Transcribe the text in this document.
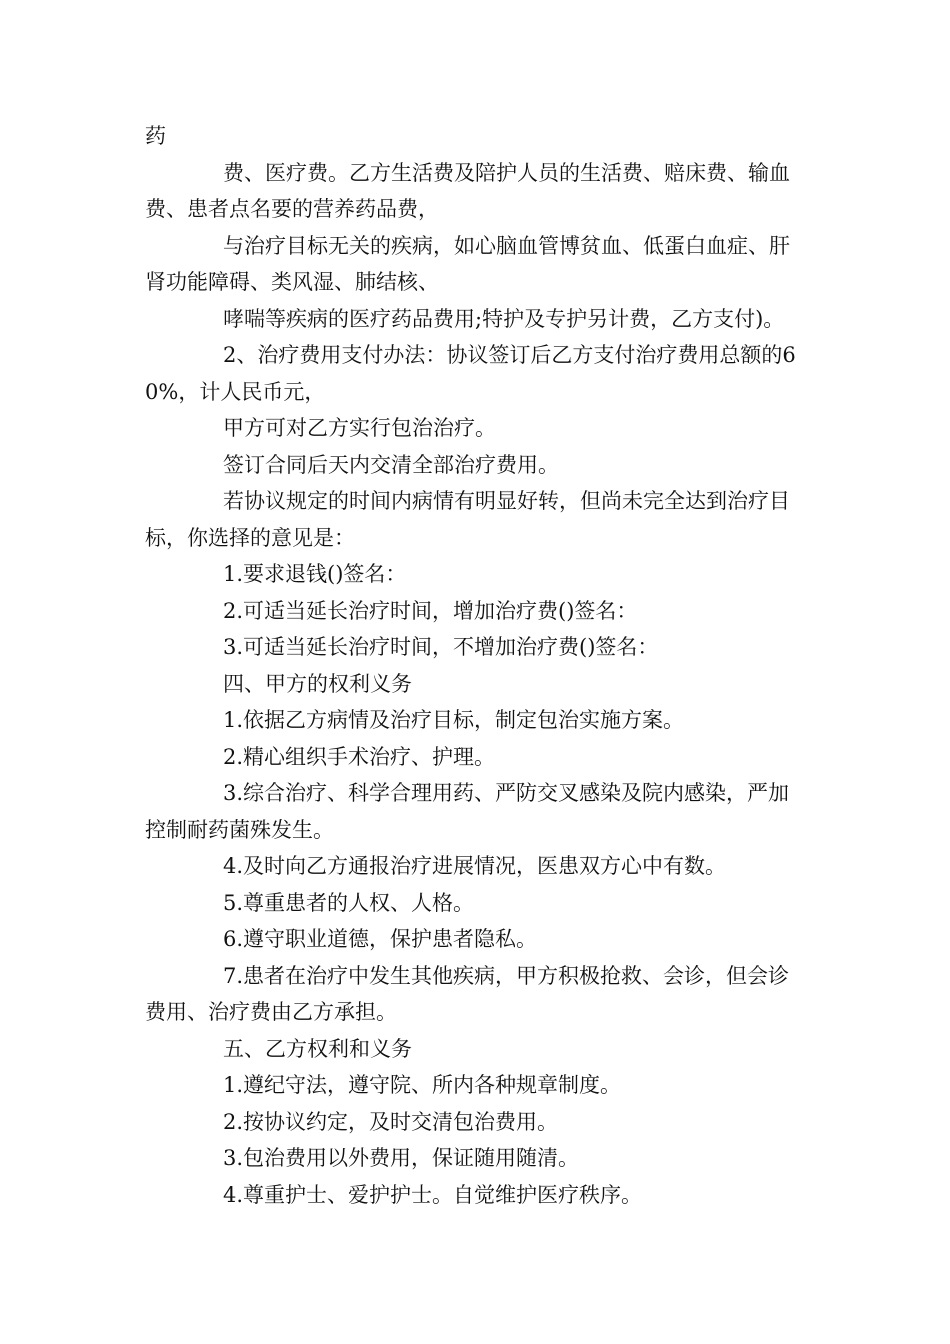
药

费、医疗费。乙方生活费及陪护人员的生活费、赔床费、输血费、患者点名要的营养药品费，

与治疗目标无关的疾病，如心脑血管博贫血、低蛋白血症、肝肾功能障碍、类风湿、肺结核、

哮喘等疾病的医疗药品费用;特护及专护另计费，乙方支付)。

2、治疗费用支付办法：协议签订后乙方支付治疗费用总额的60%，计人民币元，

甲方可对乙方实行包治治疗。

签订合同后天内交清全部治疗费用。

若协议规定的时间内病情有明显好转，但尚未完全达到治疗目标，你选择的意见是：

1.要求退钱()签名：

2.可适当延长治疗时间，增加治疗费()签名：

3.可适当延长治疗时间，不增加治疗费()签名：

四、甲方的权利义务

1.依据乙方病情及治疗目标，制定包治实施方案。

2.精心组织手术治疗、护理。

3.综合治疗、科学合理用药、严防交叉感染及院内感染，严加控制耐药菌殊发生。

4.及时向乙方通报治疗进展情况，医患双方心中有数。

5.尊重患者的人权、人格。

6.遵守职业道德，保护患者隐私。

7.患者在治疗中发生其他疾病，甲方积极抢救、会诊，但会诊费用、治疗费由乙方承担。

五、乙方权利和义务

1.遵纪守法，遵守院、所内各种规章制度。

2.按协议约定，及时交清包治费用。

3.包治费用以外费用，保证随用随清。

4.尊重护士、爱护护士。自觉维护医疗秩序。
